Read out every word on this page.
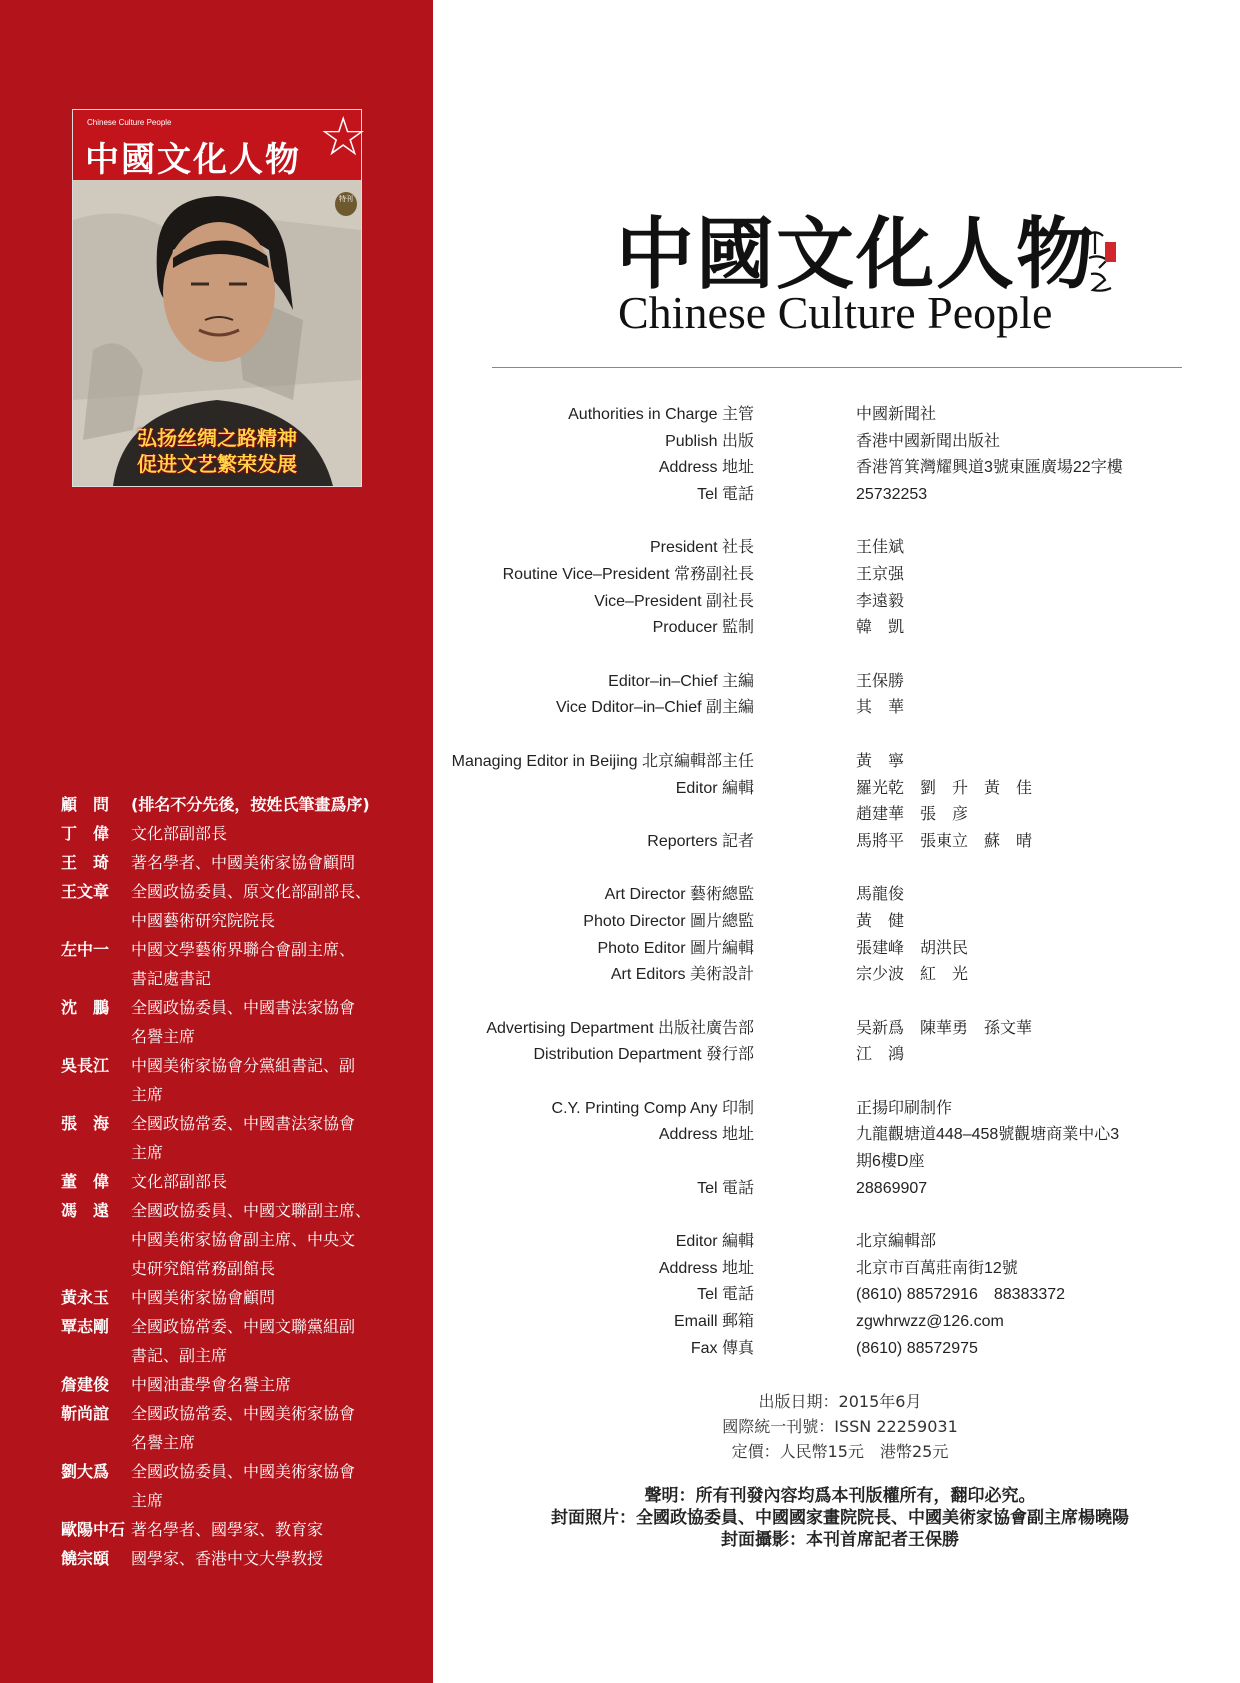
Chinese Culture People
中國文化人物 ☆
特刊
弘扬丝绸之路精神
促进文艺繁荣发展
顧　問	(排名不分先後，按姓氏筆畫爲序)
丁　偉	文化部副部長
王　琦	著名學者、中國美術家協會顧問
王文章	全國政協委員、原文化部副部長、
中國藝術研究院院長
左中一	中國文學藝術界聯合會副主席、
書記處書記
沈　鵬	全國政協委員、中國書法家協會
名譽主席
吳長江	中國美術家協會分黨組書記、副
主席
張　海	全國政協常委、中國書法家協會
主席
董　偉	文化部副部長
馮　遠	全國政協委員、中國文聯副主席、
中國美術家協會副主席、中央文
史研究館常務副館長
黃永玉	中國美術家協會顧問
覃志剛	全國政協常委、中國文聯黨組副
書記、副主席
詹建俊	中國油畫學會名譽主席
靳尚誼	全國政協常委、中國美術家協會
名譽主席
劉大爲	全國政協委員、中國美術家協會
主席
歐陽中石 著名學者、國學家、教育家
饒宗頤	國學家、香港中文大學教授
中國文化人物
Chinese Culture People
Authorities in Charge 主管	中國新聞社
Publish 出版	香港中國新聞出版社
Address 地址	香港筲箕灣耀興道3號東匯廣場22字樓
Tel 電話	25732253
President 社長	王佳斌
Routine Vice–President 常務副社長	王京强
Vice–President 副社長	李遠毅
Producer 監制	韓　凱
Editor–in–Chief 主編	王保勝
Vice Dditor–in–Chief 副主編	其　華
Managing Editor in Beijing 北京編輯部主任	黃　寧
Editor 編輯	羅光乾　劉　升　黃　佳
趙建華　張　彦
Reporters 記者	馬將平　張東立　蘇　晴
Art Director 藝術總監	馬龍俊
Photo Director 圖片總監	黃　健
Photo Editor 圖片編輯	張建峰　胡洪民
Art Editors 美術設計	宗少波　紅　光
Advertising Department 出版社廣告部	吴新爲　陳華勇　孫文華
Distribution Department 發行部	江　鴻
C.Y. Printing Comp Any 印制	正揚印刷制作
Address 地址	九龍觀塘道448–458號觀塘商業中心3
期6樓D座
Tel 電話	28869907
Editor 編輯	北京編輯部
Address 地址	北京市百萬莊南街12號
Tel 電話	(8610) 88572916　88383372
Emaill 郵箱	zgwhrwzz@126.com
Fax 傳真	(8610) 88572975
出版日期：2015年6月
國際統一刊號：ISSN 22259031
定價：人民幣15元　港幣25元
聲明：所有刊發內容均爲本刊版權所有，翻印必究。
封面照片：全國政協委員、中國國家畫院院長、中國美術家協會副主席楊曉陽
封面攝影：本刊首席記者王保勝
